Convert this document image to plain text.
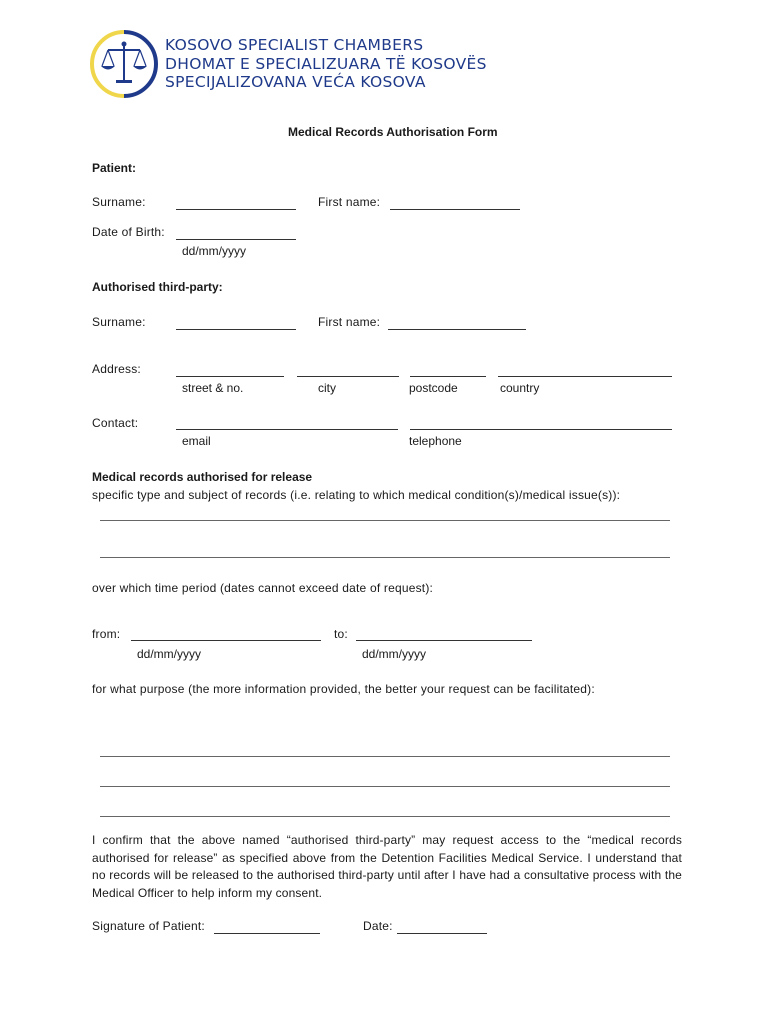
KOSOVO SPECIALIST CHAMBERS
DHOMAT E SPECIALIZUARA TË KOSOVËS
SPECIJALIZOVANA VEĆA KOSOVA
Medical Records Authorisation Form
Patient:
Surname:	First name:
Date of Birth:
dd/mm/yyyy
Authorised third-party:
Surname:	First name:
Address:
street & no.	city	postcode	country
Contact:
email	telephone
Medical records authorised for release
specific type and subject of records (i.e. relating to which medical condition(s)/medical issue(s)):
over which time period (dates cannot exceed date of request):
from:
dd/mm/yyyy
to:
dd/mm/yyyy
for what purpose (the more information provided, the better your request can be facilitated):
I confirm that the above named “authorised third-party” may request access to the “medical records authorised for release” as specified above from the Detention Facilities Medical Service. I understand that no records will be released to the authorised third-party until after I have had a consultative process with the Medical Officer to help inform my consent.
Signature of Patient:	Date:
